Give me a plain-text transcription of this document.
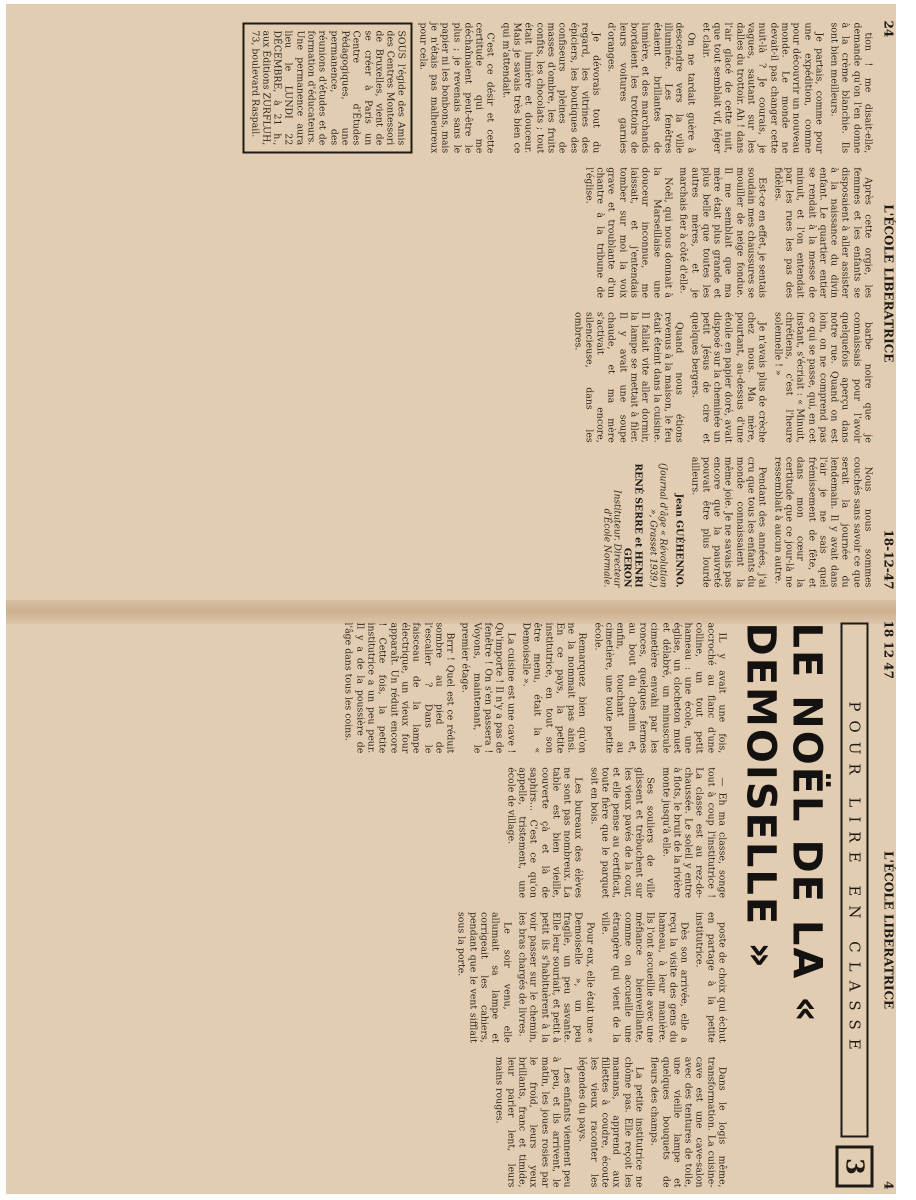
24
L'ÉCOLE LIBERATRICE
18-12-47

tion ! me disait-elle, demande qu'on l'en donne à la crème blanchie. Ils sont bien meilleurs.

Je partais, comme pour une expédition, comme pour découvrir un nouveau monde. Le monde ne devait-il pas changer cette nuit-là ? Je courais, je vagues, sautant sur les dalles du trottoir. Ah ! dans l'air glacé de cette nuit, que tout semblait vif, léger et clair.

On ne tardait guère à descendre vers la ville illuminée. Les fenêtres étaient brillantes de lumière, et des marchands bordaient les trottoirs de leurs voitures garnies d'oranges.

Je dévorais tout du regard, les vitrines des épiciers, les boutiques des confiseurs pleines de masses d'ombre, les fruits confits, les chocolats ; tout était lumière et douceur. Mais je savais très bien ce qui m'attendait.

C'est ce désir et cette certitude qui me déchaînaient peut-être le plus ; je revenais sans le papier ni les bonbons, mais je n'étais pas malheureux pour cela.

SOUS l'égide des Amis des Centres Montessori de Bruxelles, vient de se créer à Paris un Centre d'Études Pédagogiques, une permanence, des réunions d'études et de formation d'éducateurs. Une permanence aura lieu le LUNDI 22 DÉCEMBRE, à 21 h., aux Éditions ZURFLUH, 73, boulevard Raspail.

Après cette orgie, les femmes et les enfants se disposaient à aller assister à la naissance du divin enfant. Le quartier entier se rendait à la messe de minuit, et l'on entendait par les rues les pas des fidèles.

Est-ce en effet, je sentais soudain mes chaussures se mouiller de neige fondue. Il me semblait que ma mère était plus grande et plus belle que toutes les autres mères, et je marchais fier à côté d'elle.

Noël, qui nous donnait à la Marseillaise une douceur inconnue, me laissait, et j'entendais tomber sur moi la voix grave et troublante d'un chantre à la tribune de l'église.

barbe noire que je connaissais pour l'avoir quelquefois aperçu dans notre rue. Quand on est loin, on ne comprend pas ce qui se passe, qui, en cet instant, s'écriait : « Minuit, chrétiens, c'est l'heure solennelle ! »

Je n'avais plus de crèche chez nous. Ma mère, pourtant, au-dessus d'une étoile en papier doré, avait disposé sur la cheminée un petit Jésus de cire et quelques bergers.

Quand nous étions revenus à la maison, le feu était éteint dans la cuisine. Il fallait vite aller dormir, la lampe se mettait à filer. Il y avait une soupe chaude, et ma mère s'activait encore, silencieuse, dans les ombres.

Nous nous sommes couchés sans savoir ce que serait la journée du lendemain. Il y avait dans l'air je ne sais quel frémissement de fête, et dans mon cœur la certitude que ce jour-là ne ressemblait à aucun autre.

Pendant des années, j'ai cru que tous les enfants du monde connaissaient la même joie. Je ne savais pas encore que la pauvreté pouvait être plus lourde ailleurs.

Jean GUÉHENNO.
(Journal d'âge « Révolution », Grasset 1939.)
RENÉ SERRE et HENRI GERON
Instituteur. Directeur d'École Normale.
18 12 47
L'ÉCOLE LIBERATRICE
4
POUR LIRE EN CLASSE
3
LE NOËL DE LA « DEMOISELLE »

IL y avait une fois, accroché au flanc d'une colline, un tout petit hameau : une école, une église, un clocheton muet et délabré, un minuscule cimetière envahi par les ronces, quelques fermes au bout du chemin et, enfin, touchant au cimetière, une toute petite école.

Remarquez bien qu'on ne la nommait pas ainsi. En ce pays, la petite institutrice, en tout son être menu, était la « Demoiselle ».

La cuisine est une cave ! Qu'importe ! Il n'y a pas de fenêtre ! On s'en passera ! Voyons, maintenant, le premier étage.

Brrr ! Quel est ce réduit sombre au pied de l'escalier ? Dans le faisceau de la lampe électrique, un vieux four apparaît. Un réduit encore ! Cette fois, la petite institutrice a un peu peur. Il y a de la poussière de l'âge dans tous les coins.

— Eh ma classe, songe tout à coup l'institutrice ! La classe est au rez-de-chaussée. Le soleil y entre à flots, le bruit de la rivière monte jusqu'à elle.

Ses souliers de ville glissent et trébuchent sur les vieux pavés de la cour, et elle pense au certificat, toute fière que le parquet soit en bois.

Les bureaux des élèves ne sont pas nombreux. La table est bien vieille, couverte çà et là de saphirs... C'est ce qu'on appelle, tristement, une école de village.

poste de choix qui échut en partage à la petite institutrice.

Dès son arrivée, elle a reçu la visite des gens du hameau, à leur manière. Ils l'ont accueillie avec une méfiance bienveillante, comme on accueille une étrangère qui vient de la ville.

Pour eux, elle était une « Demoiselle », un peu fragile, un peu savante. Elle leur souriait, et petit à petit ils s'habituèrent à la voir passer sur le chemin, les bras chargés de livres.

Le soir venu, elle allumait sa lampe et corrigeait les cahiers, pendant que le vent sifflait sous la porte.

Dans le logis même, transformation. La cuisine-cave est une cave-salon avec des tentures de toile, une vieille lampe et quelques bouquets de fleurs des champs.

La petite institutrice ne chôme pas. Elle reçoit les mamans, apprend aux fillettes à coudre, écoute les vieux raconter les légendes du pays.

Les enfants viennent peu à peu, et ils arrivent, le matin, les joues rosies par le froid, leurs yeux brillants, franc et timide, leur parler lent, leurs mains rouges.
